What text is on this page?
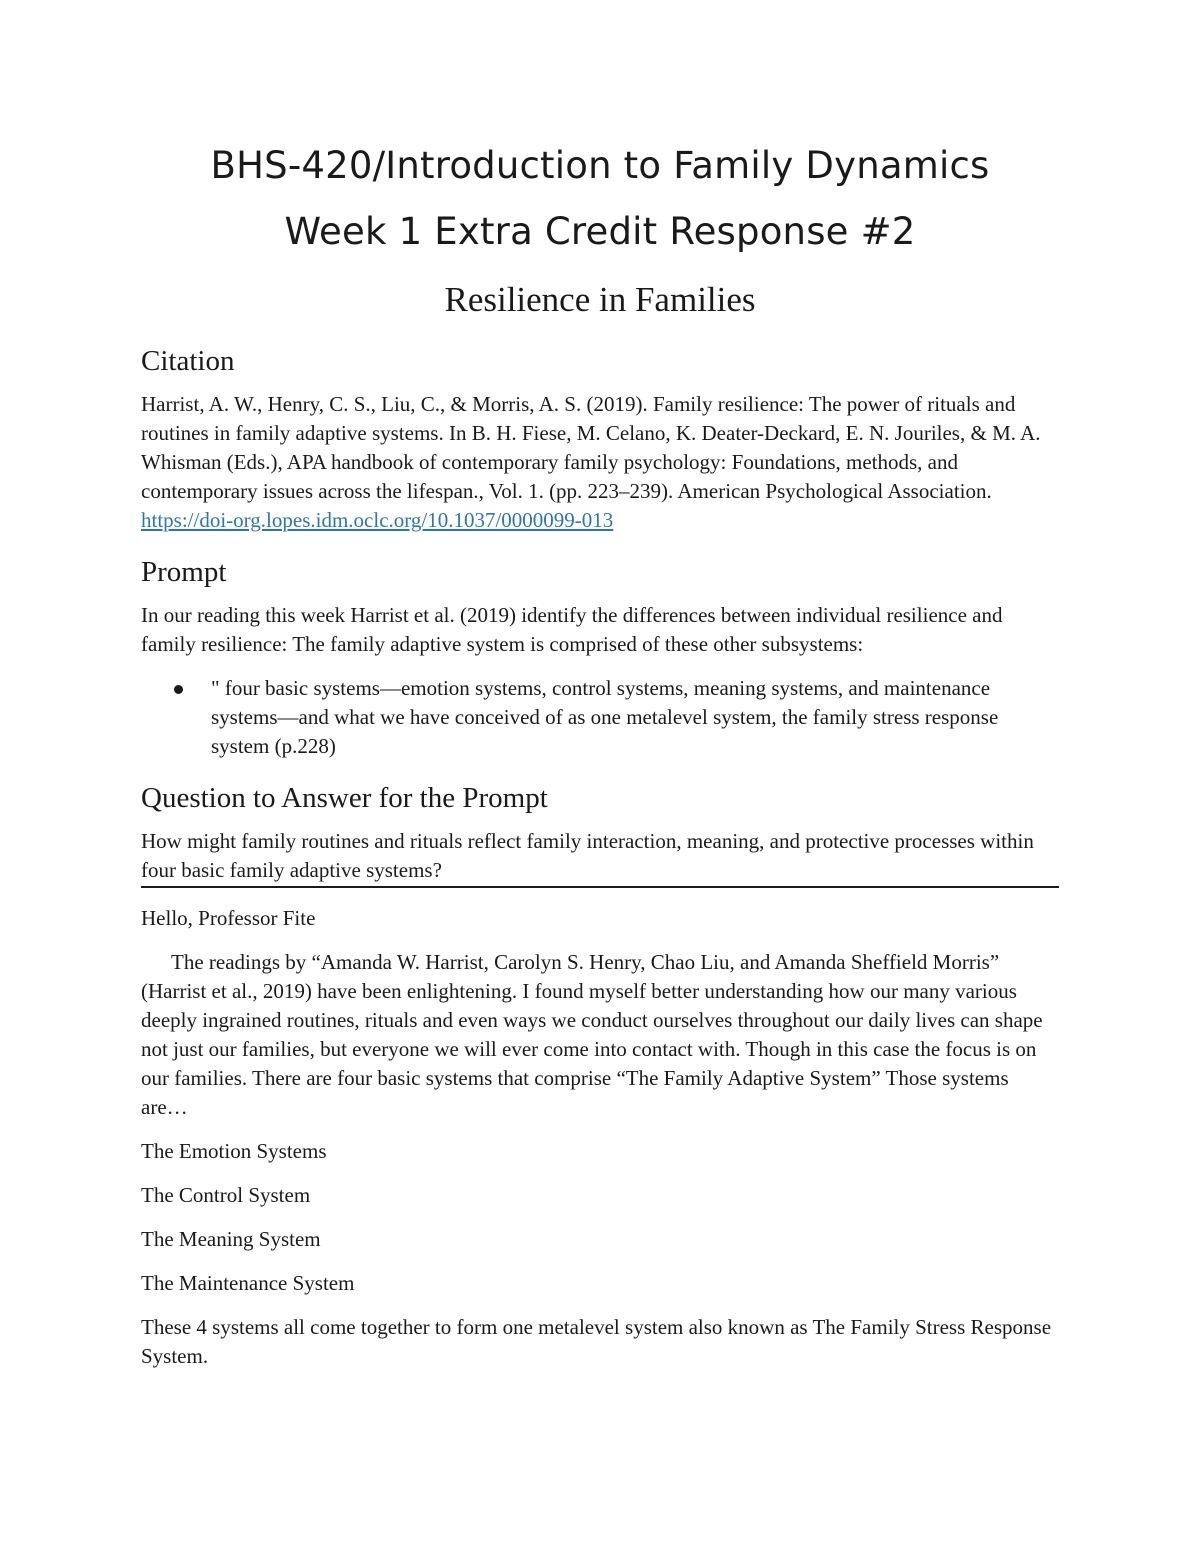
BHS-420/Introduction to Family Dynamics
Week 1 Extra Credit Response #2
Resilience in Families
Citation

Harrist, A. W., Henry, C. S., Liu, C., & Morris, A. S. (2019). Family resilience: The power of rituals and routines in family adaptive systems. In B. H. Fiese, M. Celano, K. Deater-Deckard, E. N. Jouriles, & M. A. Whisman (Eds.), APA handbook of contemporary family psychology: Foundations, methods, and contemporary issues across the lifespan., Vol. 1. (pp. 223–239). American Psychological Association. https://doi-org.lopes.idm.oclc.org/10.1037/0000099-013

Prompt

In our reading this week Harrist et al. (2019) identify the differences between individual resilience and family resilience: The family adaptive system is comprised of these other subsystems:

" four basic systems—emotion systems, control systems, meaning systems, and maintenance systems—and what we have conceived of as one metalevel system, the family stress response system (p.228)
Question to Answer for the Prompt

How might family routines and rituals reflect family interaction, meaning, and protective processes within four basic family adaptive systems?

Hello, Professor Fite

The readings by “Amanda W. Harrist, Carolyn S. Henry, Chao Liu, and Amanda Sheffield Morris” (Harrist et al., 2019) have been enlightening. I found myself better understanding how our many various deeply ingrained routines, rituals and even ways we conduct ourselves throughout our daily lives can shape not just our families, but everyone we will ever come into contact with. Though in this case the focus is on our families. There are four basic systems that comprise “The Family Adaptive System” Those systems are…

The Emotion Systems

The Control System

The Meaning System

The Maintenance System

These 4 systems all come together to form one metalevel system also known as The Family Stress Response System.
